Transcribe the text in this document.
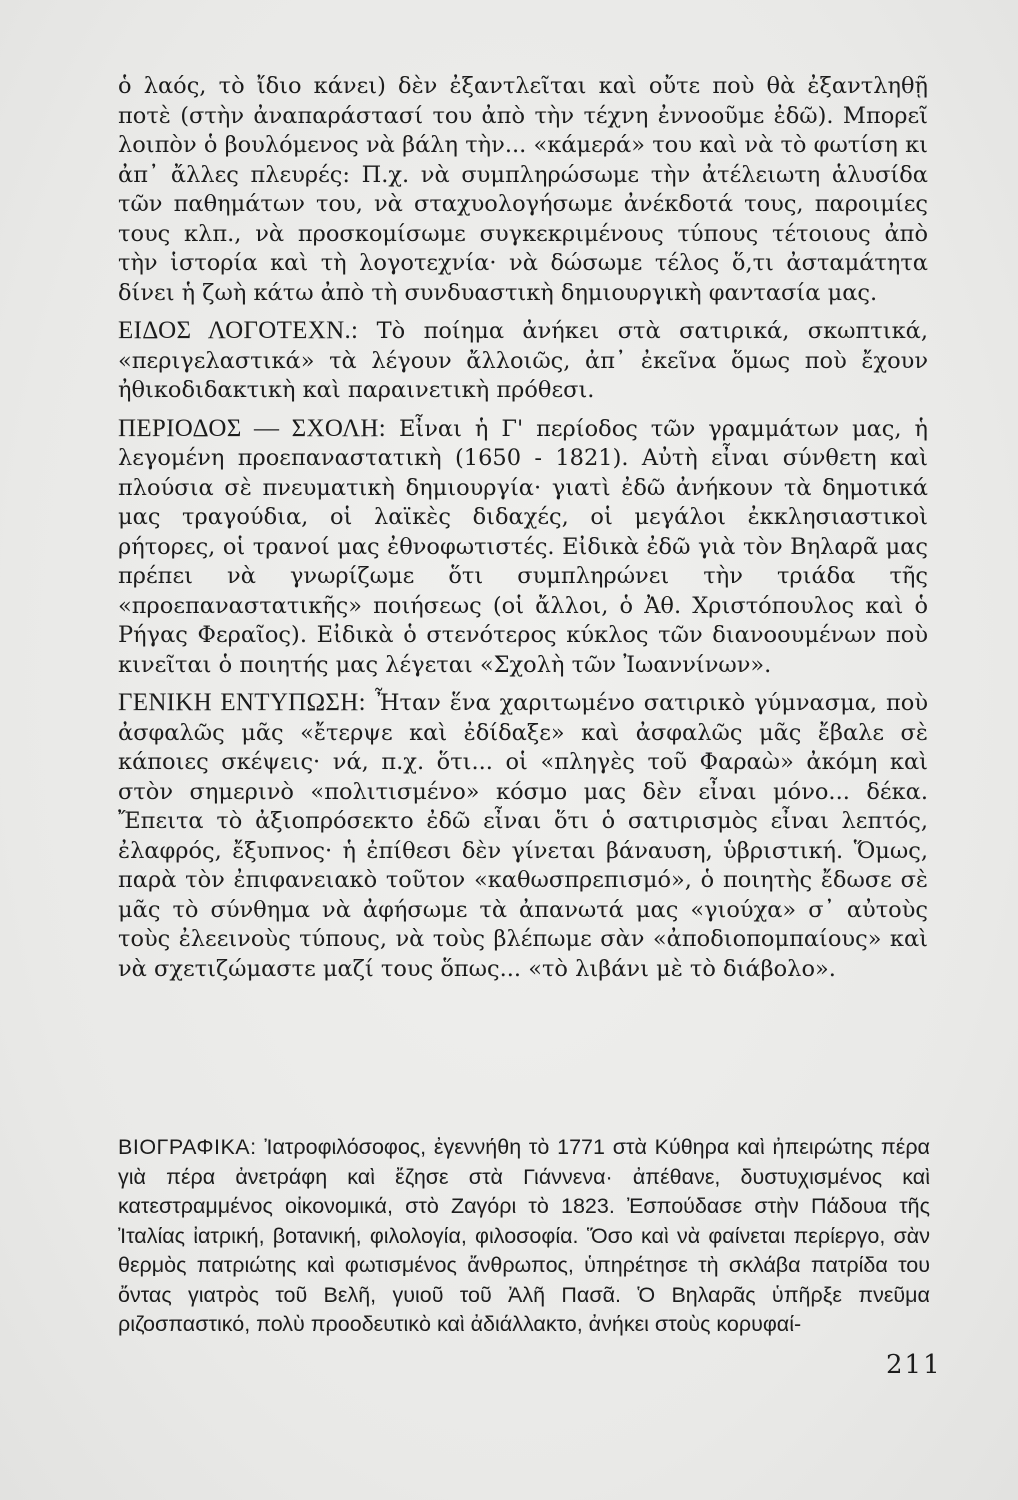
ὁ λαός, τὸ ἴδιο κάνει) δὲν ἐξαντλεῖται καὶ οὔτε ποὺ θὰ ἐξαντληθῇ ποτὲ (στὴν ἀναπαράστασί του ἀπὸ τὴν τέχνη ἐννοοῦμε ἐδῶ). Μπορεῖ λοιπὸν ὁ βουλόμενος νὰ βάλη τὴν... «κάμερά» του καὶ νὰ τὸ φωτίση κι ἀπ᾽ ἄλλες πλευρές: Π.χ. νὰ συμπληρώσωμε τὴν ἀτέλειωτη ἁλυσίδα τῶν παθημάτων του, νὰ σταχυολογήσωμε ἀνέκδοτά τους, παροιμίες τους κλπ., νὰ προσκομίσωμε συγκεκριμένους τύπους τέτοιους ἀπὸ τὴν ἱστορία καὶ τὴ λογοτεχνία· νὰ δώσωμε τέλος ὅ,τι ἀσταμάτητα δίνει ἡ ζωὴ κάτω ἀπὸ τὴ συνδυαστικὴ δημιουργικὴ φαντασία μας.

ΕΙΔΟΣ ΛΟΓΟΤΕΧΝ.: Τὸ ποίημα ἀνήκει στὰ σατιρικά, σκωπτικά, «περιγελαστικά» τὰ λέγουν ἄλλοιῶς, ἀπ᾽ ἐκεῖνα ὅμως ποὺ ἔχουν ἠθικοδιδακτικὴ καὶ παραινετικὴ πρόθεσι.

ΠΕΡΙΟΔΟΣ — ΣΧΟΛΗ: Εἶναι ἡ Γ' περίοδος τῶν γραμμάτων μας, ἡ λεγομένη προεπαναστατικὴ (1650 - 1821). Αὐτὴ εἶναι σύνθετη καὶ πλούσια σὲ πνευματικὴ δημιουργία· γιατὶ ἐδῶ ἀνήκουν τὰ δημοτικά μας τραγούδια, οἱ λαϊκὲς διδαχές, οἱ μεγάλοι ἐκκλησιαστικοὶ ρήτορες, οἱ τρανοί μας ἐθνοφωτιστές. Εἰδικὰ ἐδῶ γιὰ τὸν Βηλαρᾶ μας πρέπει νὰ γνωρίζωμε ὅτι συμπληρώνει τὴν τριάδα τῆς «προεπαναστατικῆς» ποιήσεως (οἱ ἄλλοι, ὁ Ἀθ. Χριστόπουλος καὶ ὁ Ρήγας Φεραῖος). Εἰδικὰ ὁ στενότερος κύκλος τῶν διανοουμένων ποὺ κινεῖται ὁ ποιητής μας λέγεται «Σχολὴ τῶν Ἰωαννίνων».

ΓΕΝΙΚΗ ΕΝΤΥΠΩΣΗ: Ἦταν ἕνα χαριτωμένο σατιρικὸ γύμνασμα, ποὺ ἀσφαλῶς μᾶς «ἔτερψε καὶ ἐδίδαξε» καὶ ἀσφαλῶς μᾶς ἔβαλε σὲ κάποιες σκέψεις· νά, π.χ. ὅτι... οἱ «πληγὲς τοῦ Φαραὼ» ἀκόμη καὶ στὸν σημερινὸ «πολιτισμένο» κόσμο μας δὲν εἶναι μόνο... δέκα. Ἔπειτα τὸ ἀξιοπρόσεκτο ἐδῶ εἶναι ὅτι ὁ σατιρισμὸς εἶναι λεπτός, ἐλαφρός, ἔξυπνος· ἡ ἐπίθεσι δὲν γίνεται βάναυση, ὑβριστική. Ὅμως, παρὰ τὸν ἐπιφανειακὸ τοῦτον «καθωσπρεπισμό», ὁ ποιητὴς ἔδωσε σὲ μᾶς τὸ σύνθημα νὰ ἀφήσωμε τὰ ἀπανωτά μας «γιούχα» σ᾽ αὐτοὺς τοὺς ἐλεεινοὺς τύπους, νὰ τοὺς βλέπωμε σὰν «ἀποδιοπομπαίους» καὶ νὰ σχετιζώμαστε μαζί τους ὅπως... «τὸ λιβάνι μὲ τὸ διάβολο».

ΒΙΟΓΡΑΦΙΚΑ: Ἰατροφιλόσοφος, ἐγεννήθη τὸ 1771 στὰ Κύθηρα καὶ ἠπειρώτης πέρα γιὰ πέρα ἀνετράφη καὶ ἔζησε στὰ Γιάννενα· ἀπέθανε, δυστυχισμένος καὶ κατεστραμμένος οἰκονομικά, στὸ Ζαγόρι τὸ 1823. Ἐσπούδασε στὴν Πάδουα τῆς Ἰταλίας ἰατρική, βοτανική, φιλολογία, φιλοσοφία. Ὅσο καὶ νὰ φαίνεται περίεργο, σὰν θερμὸς πατριώτης καὶ φωτισμένος ἄνθρωπος, ὑπηρέτησε τὴ σκλάβα πατρίδα του ὄντας γιατρὸς τοῦ Βελῆ, γυιοῦ τοῦ Ἀλῆ Πασᾶ. Ὁ Βηλαρᾶς ὑπῆρξε πνεῦμα ριζοσπαστικό, πολὺ προοδευτικὸ καὶ ἀδιάλλακτο, ἀνήκει στοὺς κορυφαί-

211
